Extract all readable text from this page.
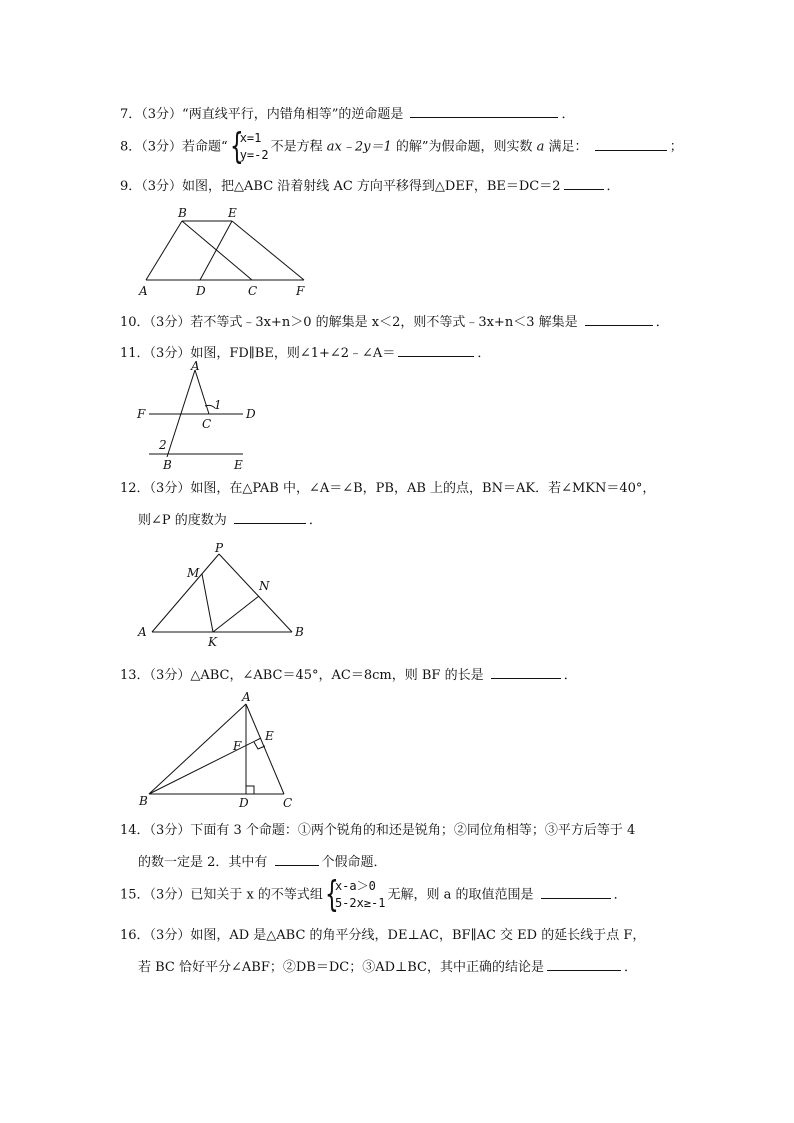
7．（3分）“两直线平行，内错角相等”的逆命题是	．
8．（3分）若命题“ {
x=1
y=-2
不是方程 ax﹣2y＝1 的解”为假命题，则实数 a 满足：	；
9．（3分）如图，把△ABC 沿着射线 AC 方向平移得到△DEF，BE＝DC＝2	．
B	E
A	D	C	F
10．（3分）若不等式﹣3x+n＞0 的解集是 x＜2，则不等式﹣3x+n＜3 解集是	．
11．（3分）如图，FD∥BE，则∠1+∠2﹣∠A＝	．
A
F
C
D
1
2
B	E
12．（3分）如图，在△PAB 中，∠A＝∠B，PB，AB 上的点，BN＝AK．若∠MKN＝40°，
则∠P 的度数为	．
P
M
N
A
K
B
13．（3分）△ABC，∠ABC＝45°，AC＝8cm，则 BF 的长是	．
A
F
E
B	D	C
14．（3分）下面有 3 个命题：①两个锐角的和还是锐角；②同位角相等；③平方后等于 4
的数一定是 2．其中有	个假命题．
15．（3分）已知关于 x 的不等式组 {
x-a＞0
5-2x≥-1
无解，则 a 的取值范围是	．
16．（3分）如图，AD 是△ABC 的角平分线，DE⊥AC，BF∥AC 交 ED 的延长线于点 F，
若 BC 恰好平分∠ABF；②DB＝DC；③AD⊥BC，其中正确的结论是	．
